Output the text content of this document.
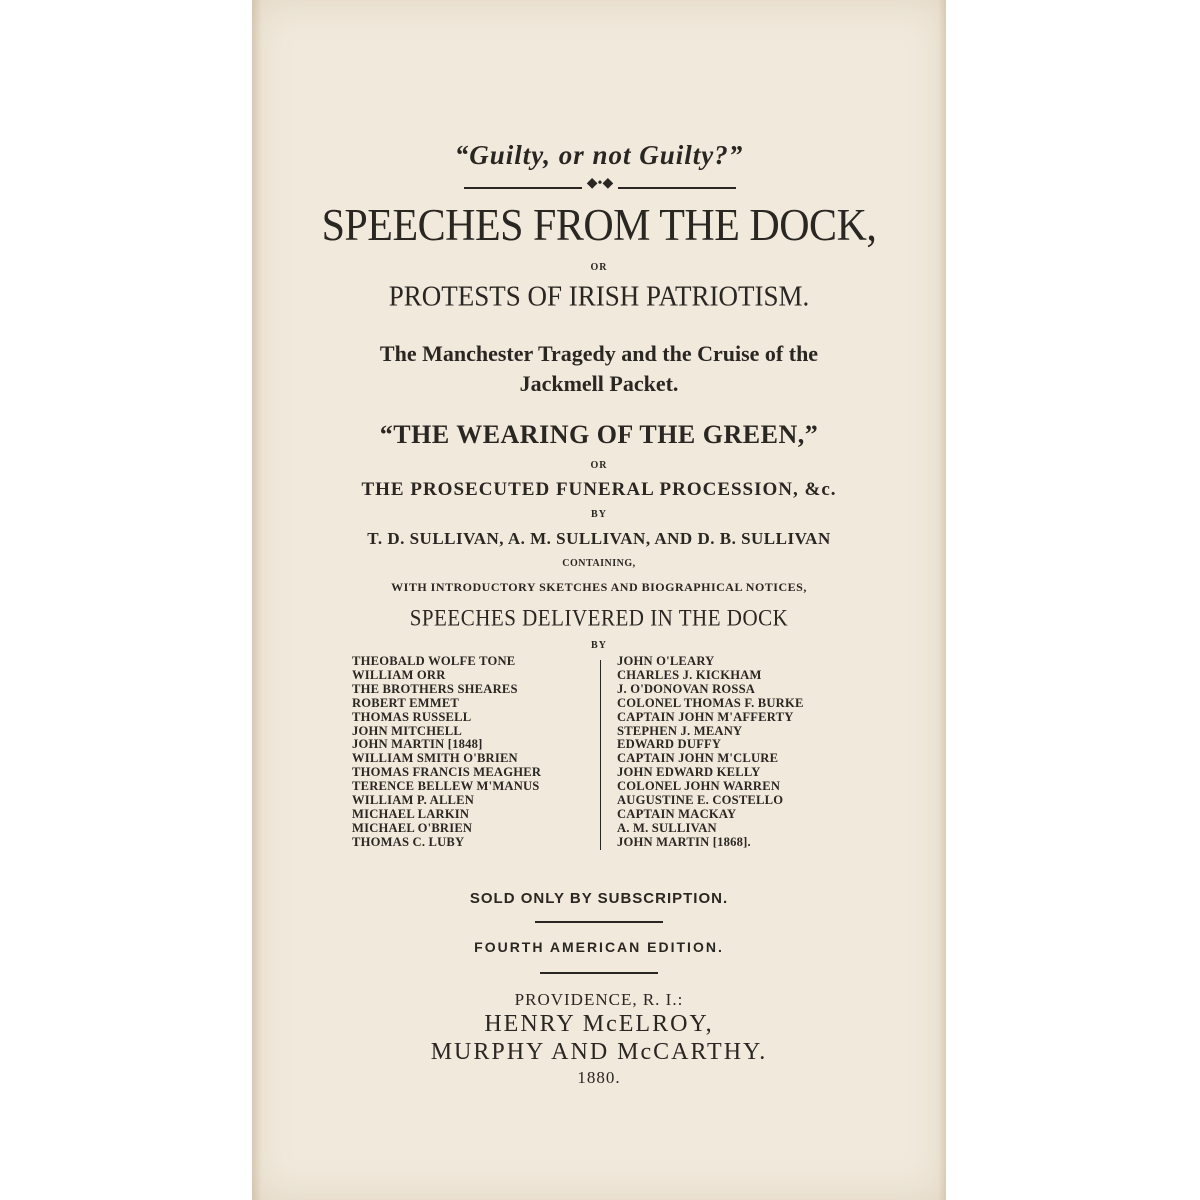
“Guilty, or not Guilty?”
◆•◆
SPEECHES FROM THE DOCK,
OR
PROTESTS OF IRISH PATRIOTISM.
The Manchester Tragedy and the Cruise of the
Jackmell Packet.
“THE WEARING OF THE GREEN,”
OR
THE PROSECUTED FUNERAL PROCESSION, &c.
BY
T. D. SULLIVAN, A. M. SULLIVAN, AND D. B. SULLIVAN
CONTAINING,
WITH INTRODUCTORY SKETCHES AND BIOGRAPHICAL NOTICES,
SPEECHES DELIVERED IN THE DOCK
BY
THEOBALD WOLFE TONE
WILLIAM ORR
THE BROTHERS SHEARES
ROBERT EMMET
THOMAS RUSSELL
JOHN MITCHELL
JOHN MARTIN [1848]
WILLIAM SMITH O'BRIEN
THOMAS FRANCIS MEAGHER
TERENCE BELLEW M'MANUS
WILLIAM P. ALLEN
MICHAEL LARKIN
MICHAEL O'BRIEN
THOMAS C. LUBY
JOHN O'LEARY
CHARLES J. KICKHAM
J. O'DONOVAN ROSSA
COLONEL THOMAS F. BURKE
CAPTAIN JOHN M'AFFERTY
STEPHEN J. MEANY
EDWARD DUFFY
CAPTAIN JOHN M'CLURE
JOHN EDWARD KELLY
COLONEL JOHN WARREN
AUGUSTINE E. COSTELLO
CAPTAIN MACKAY
A. M. SULLIVAN
JOHN MARTIN [1868].
SOLD ONLY BY SUBSCRIPTION.
FOURTH AMERICAN EDITION.
PROVIDENCE, R. I.:
HENRY McELROY,
MURPHY AND McCARTHY.
1880.
